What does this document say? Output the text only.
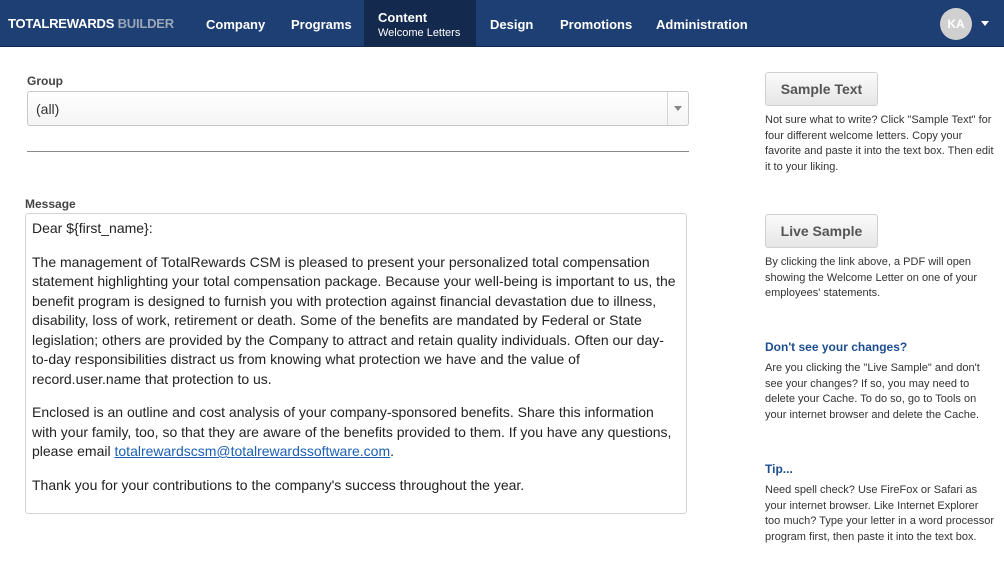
TOTALREWARDS BUILDER Company Programs Content
Welcome Letters
Design Promotions Administration	KA
Group
(all)
Message

Dear ${first_name}:

The management of TotalRewards CSM is pleased to present your personalized total compensation statement highlighting your total compensation package. Because your well-being is important to us, the benefit program is designed to furnish you with protection against financial devastation due to illness, disability, loss of work, retirement or death. Some of the benefits are mandated by Federal or State legislation; others are provided by the Company to attract and retain quality individuals. Often our day-to-day responsibilities distract us from knowing what protection we have and the value of record.user.name that protection to us.

Enclosed is an outline and cost analysis of your company-sponsored benefits. Share this information with your family, too, so that they are aware of the benefits provided to them. If you have any questions, please email totalrewardscsm@totalrewardssoftware.com.

Thank you for your contributions to the company's success throughout the year.

Sample Text
Not sure what to write? Click "Sample Text" for four different welcome letters. Copy your favorite and paste it into the text box. Then edit it to your liking.
Live Sample
By clicking the link above, a PDF will open showing the Welcome Letter on one of your employees' statements.
Don't see your changes?
Are you clicking the "Live Sample" and don't see your changes? If so, you may need to delete your Cache. To do so, go to Tools on your internet browser and delete the Cache.
Tip...
Need spell check? Use FireFox or Safari as your internet browser. Like Internet Explorer too much? Type your letter in a word processor program first, then paste it into the text box.
